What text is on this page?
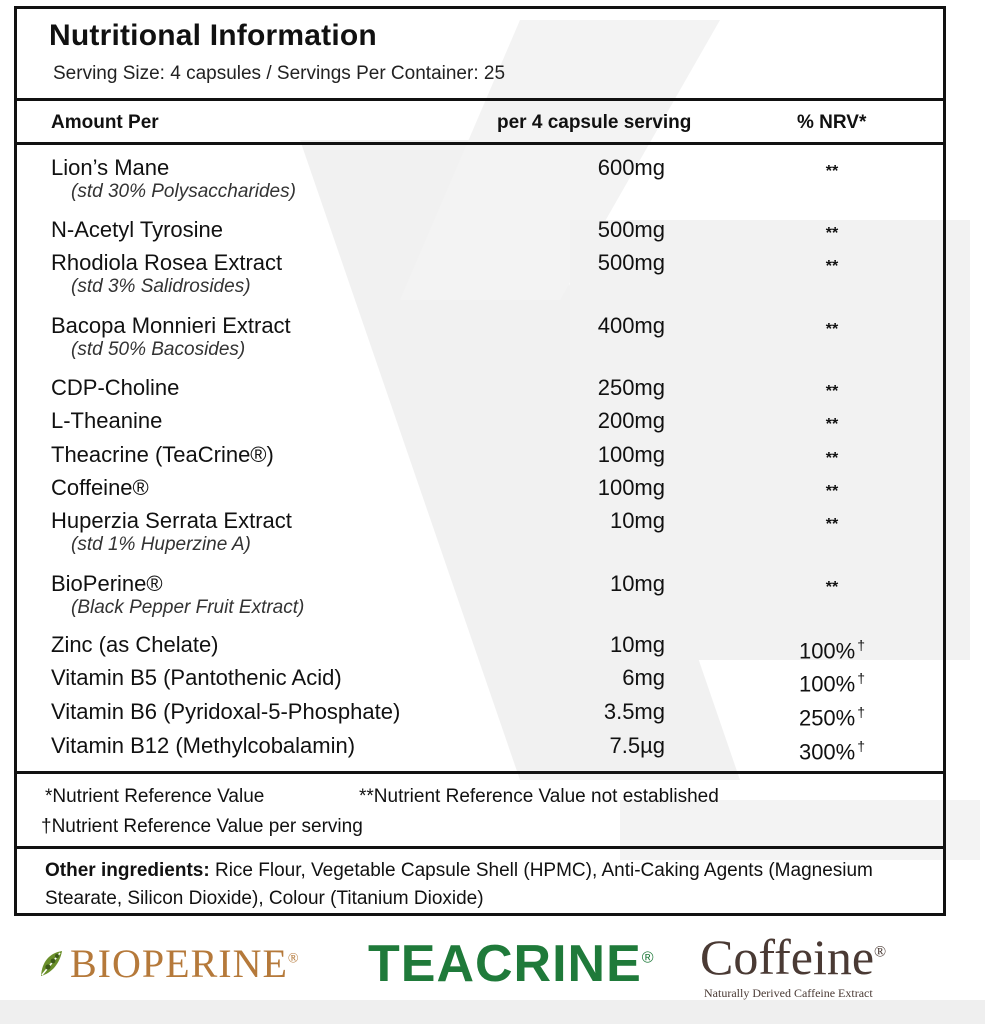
Nutritional Information
Serving Size: 4 capsules / Servings Per Container: 25
Amount Per	per 4 capsule serving	% NRV*
Lion’s Mane	600mg	**
(std 30% Polysaccharides)
N-Acetyl Tyrosine	500mg	**
Rhodiola Rosea Extract	500mg	**
(std 3% Salidrosides)
Bacopa Monnieri Extract	400mg	**
(std 50% Bacosides)
CDP-Choline	250mg	**
L-Theanine	200mg	**
Theacrine (TeaCrine®)	100mg	**
Coffeine®	100mg	**
Huperzia Serrata Extract	10mg	**
(std 1% Huperzine A)
BioPerine®	10mg	**
(Black Pepper Fruit Extract)
Zinc (as Chelate)	10mg	100% †
Vitamin B5 (Pantothenic Acid)	6mg	100% †
Vitamin B6 (Pyridoxal-5-Phosphate)	3.5mg	250% †
Vitamin B12 (Methylcobalamin)	7.5µg	300% †
*Nutrient Reference Value	**Nutrient Reference Value not established
†Nutrient Reference Value per serving
Other ingredients: Rice Flour, Vegetable Capsule Shell (HPMC), Anti-Caking Agents (Magnesium Stearate, Silicon Dioxide), Colour (Titanium Dioxide)
BIOPERINE® TEACRINE® Coffeine®
Naturally Derived Caffeine Extract
